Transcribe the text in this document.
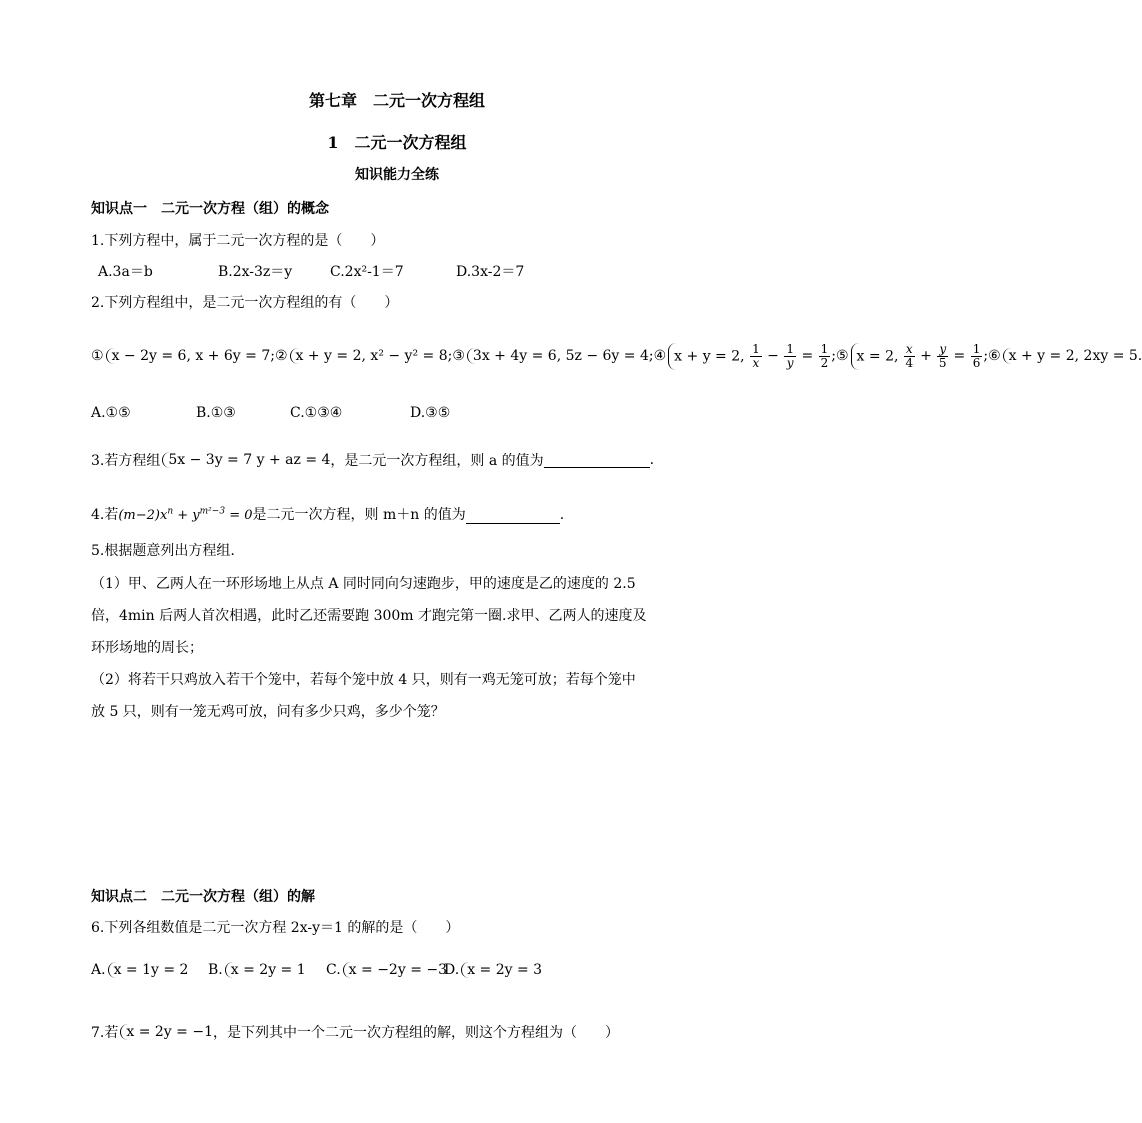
第七章　二元一次方程组
1　二元一次方程组
知识能力全练
知识点一　二元一次方程（组）的概念
1.下列方程中，属于二元一次方程的是（　　）
A.3a＝b	B.2x-3z＝y	C.2x²-1＝7	D.3x-2＝7
2.下列方程组中，是二元一次方程组的有（　　）
① x − 2y = 6, x + 6y = 7; ② x + y = 2, x² − y² = 8; ③ 3x + 4y = 6, 5z − 6y = 4; ④ x + y = 2, $\frac{1}{x} - \frac{1}{y} = \frac{1}{2}$ ; ⑤ x = 2, $\frac{x}{4} + \frac{y}{5} = \frac{1}{6}$ ; ⑥ x + y = 2, 2xy = 5.
A.①⑤	B.①③	C.①③④	D.③⑤
3.若方程组 5x − 3y = 7 y + az = 4 ，是二元一次方程组，则 a 的值为	.
4.若$(m-2)x^n + y^{m^2-3} = 0$是二元一次方程，则 m＋n 的值为	.
5.根据题意列出方程组.
（1）甲、乙两人在一环形场地上从点 A 同时同向匀速跑步，甲的速度是乙的速度的 2.5
倍，4min 后两人首次相遇，此时乙还需要跑 300m 才跑完第一圈.求甲、乙两人的速度及
环形场地的周长；
（2）将若干只鸡放入若干个笼中，若每个笼中放 4 只，则有一鸡无笼可放；若每个笼中
放 5 只，则有一笼无鸡可放，问有多少只鸡，多少个笼？
知识点二　二元一次方程（组）的解
6.下列各组数值是二元一次方程 2x-y＝1 的解的是（　　）
A. x = 1y = 2 B. x = 2y = 1 C. x = −2y = −3
D. x = 2y = 3
7.若 x = 2y = −1 ，是下列其中一个二元一次方程组的解，则这个方程组为（　　）
